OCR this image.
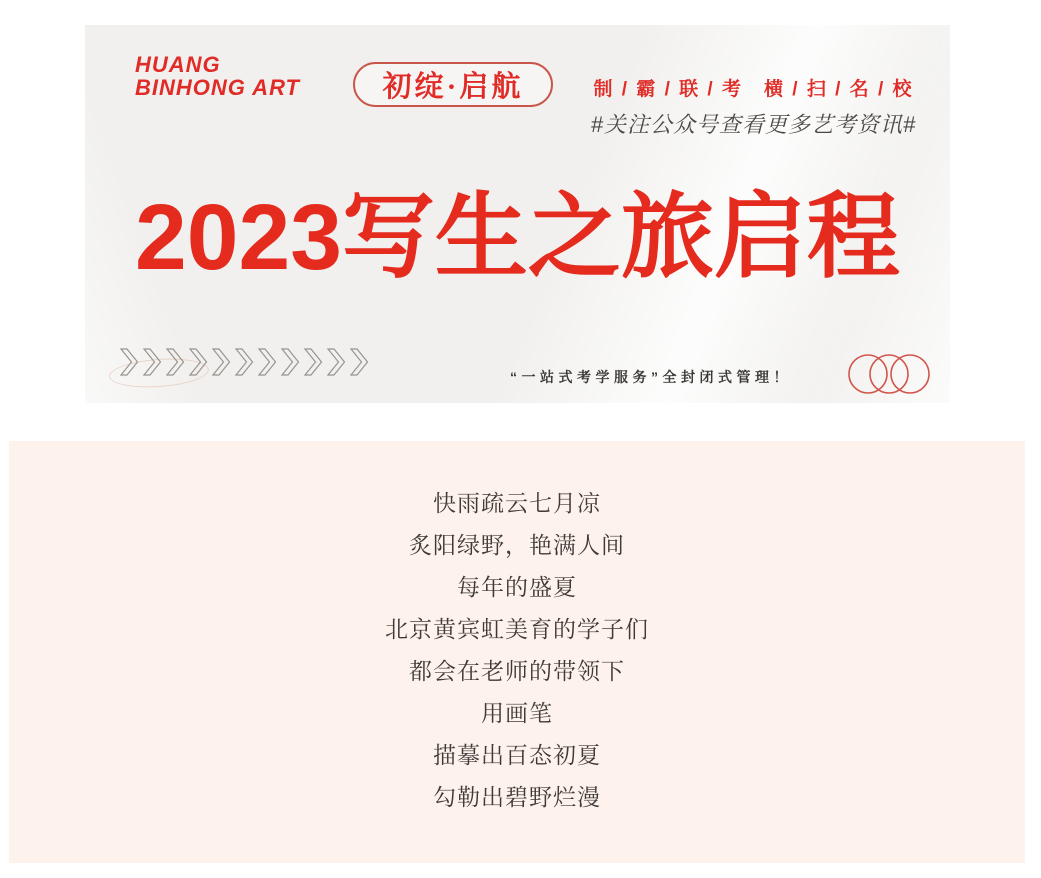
HUANG
BINHONG ART	初绽·启航	制 / 霸 / 联 / 考　横 / 扫 / 名 / 校
#关注公众号查看更多艺考资讯#
2023写生之旅启程
“一站式考学服务”全封闭式管理！
快雨疏云七月凉
炙阳绿野，艳满人间
每年的盛夏
北京黄宾虹美育的学子们
都会在老师的带领下
用画笔
描摹出百态初夏
勾勒出碧野烂漫
